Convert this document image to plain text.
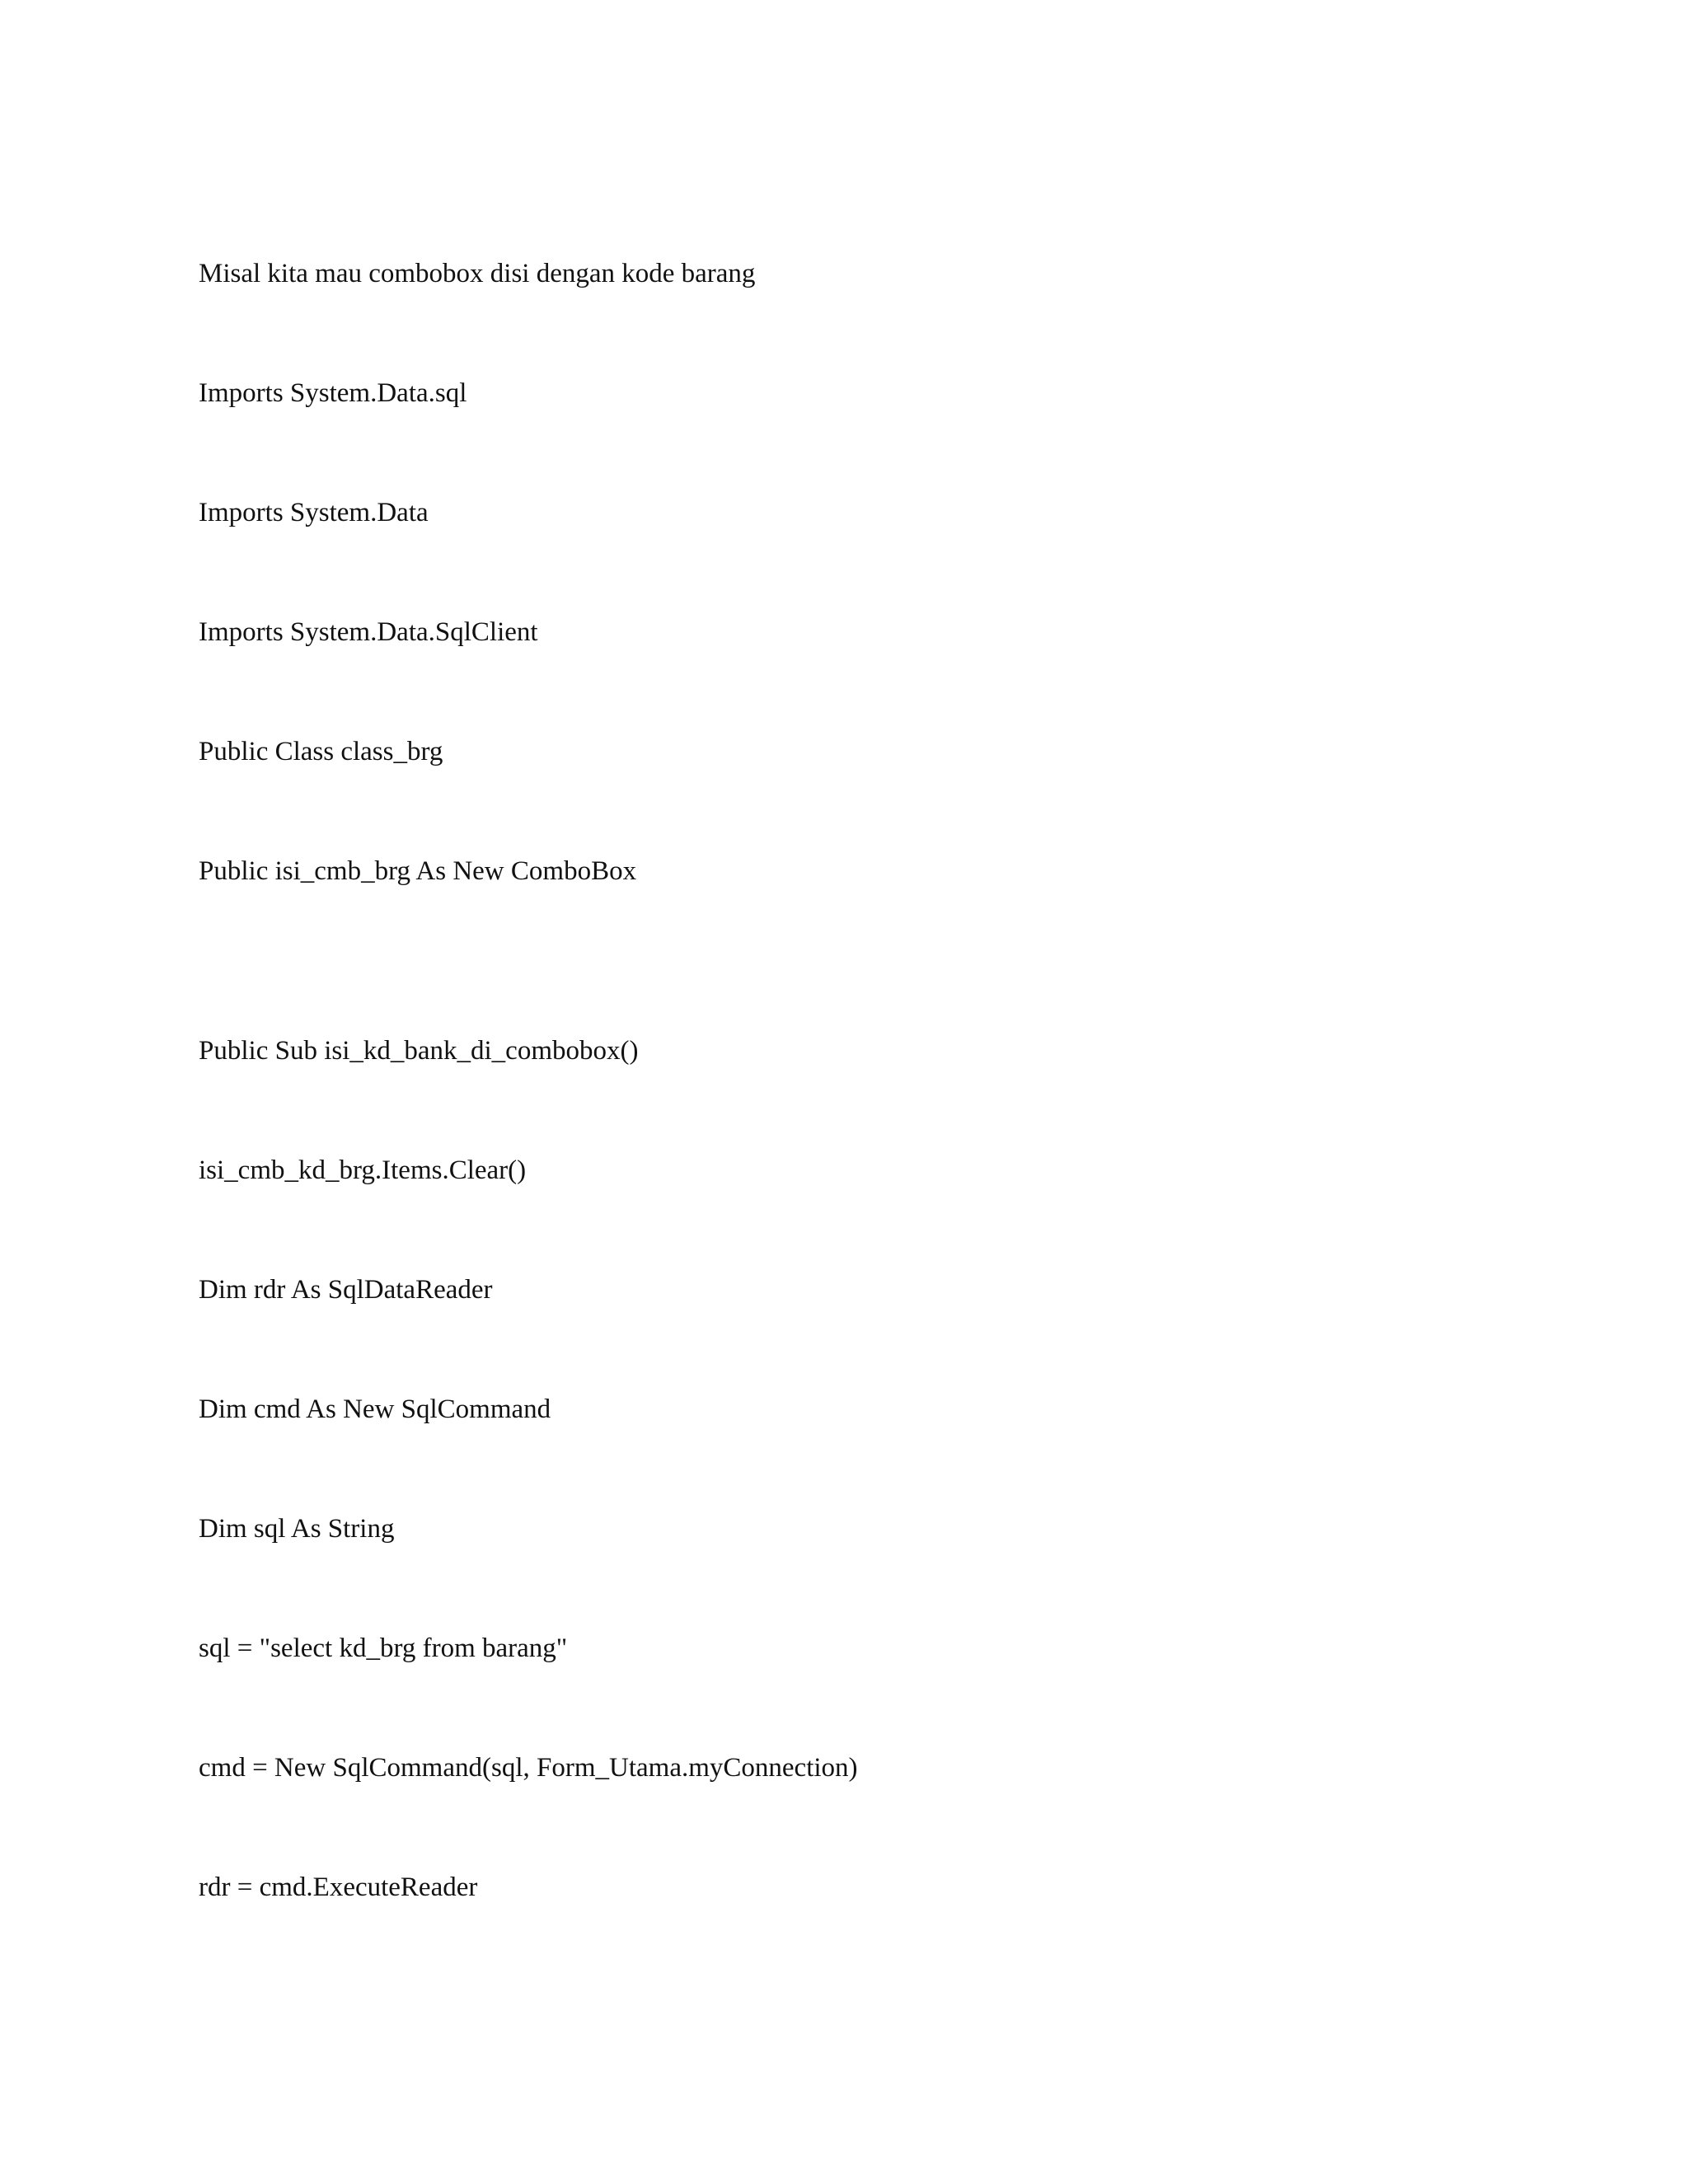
Misal kita mau combobox disi dengan kode barang

Imports System.Data.sql

Imports System.Data

Imports System.Data.SqlClient

Public Class class_brg

Public isi_cmb_brg As New ComboBox

Public Sub isi_kd_bank_di_combobox()

isi_cmb_kd_brg.Items.Clear()

Dim rdr As SqlDataReader

Dim cmd As New SqlCommand

Dim sql As String

sql = "select kd_brg from barang"

cmd = New SqlCommand(sql, Form_Utama.myConnection)

rdr = cmd.ExecuteReader
